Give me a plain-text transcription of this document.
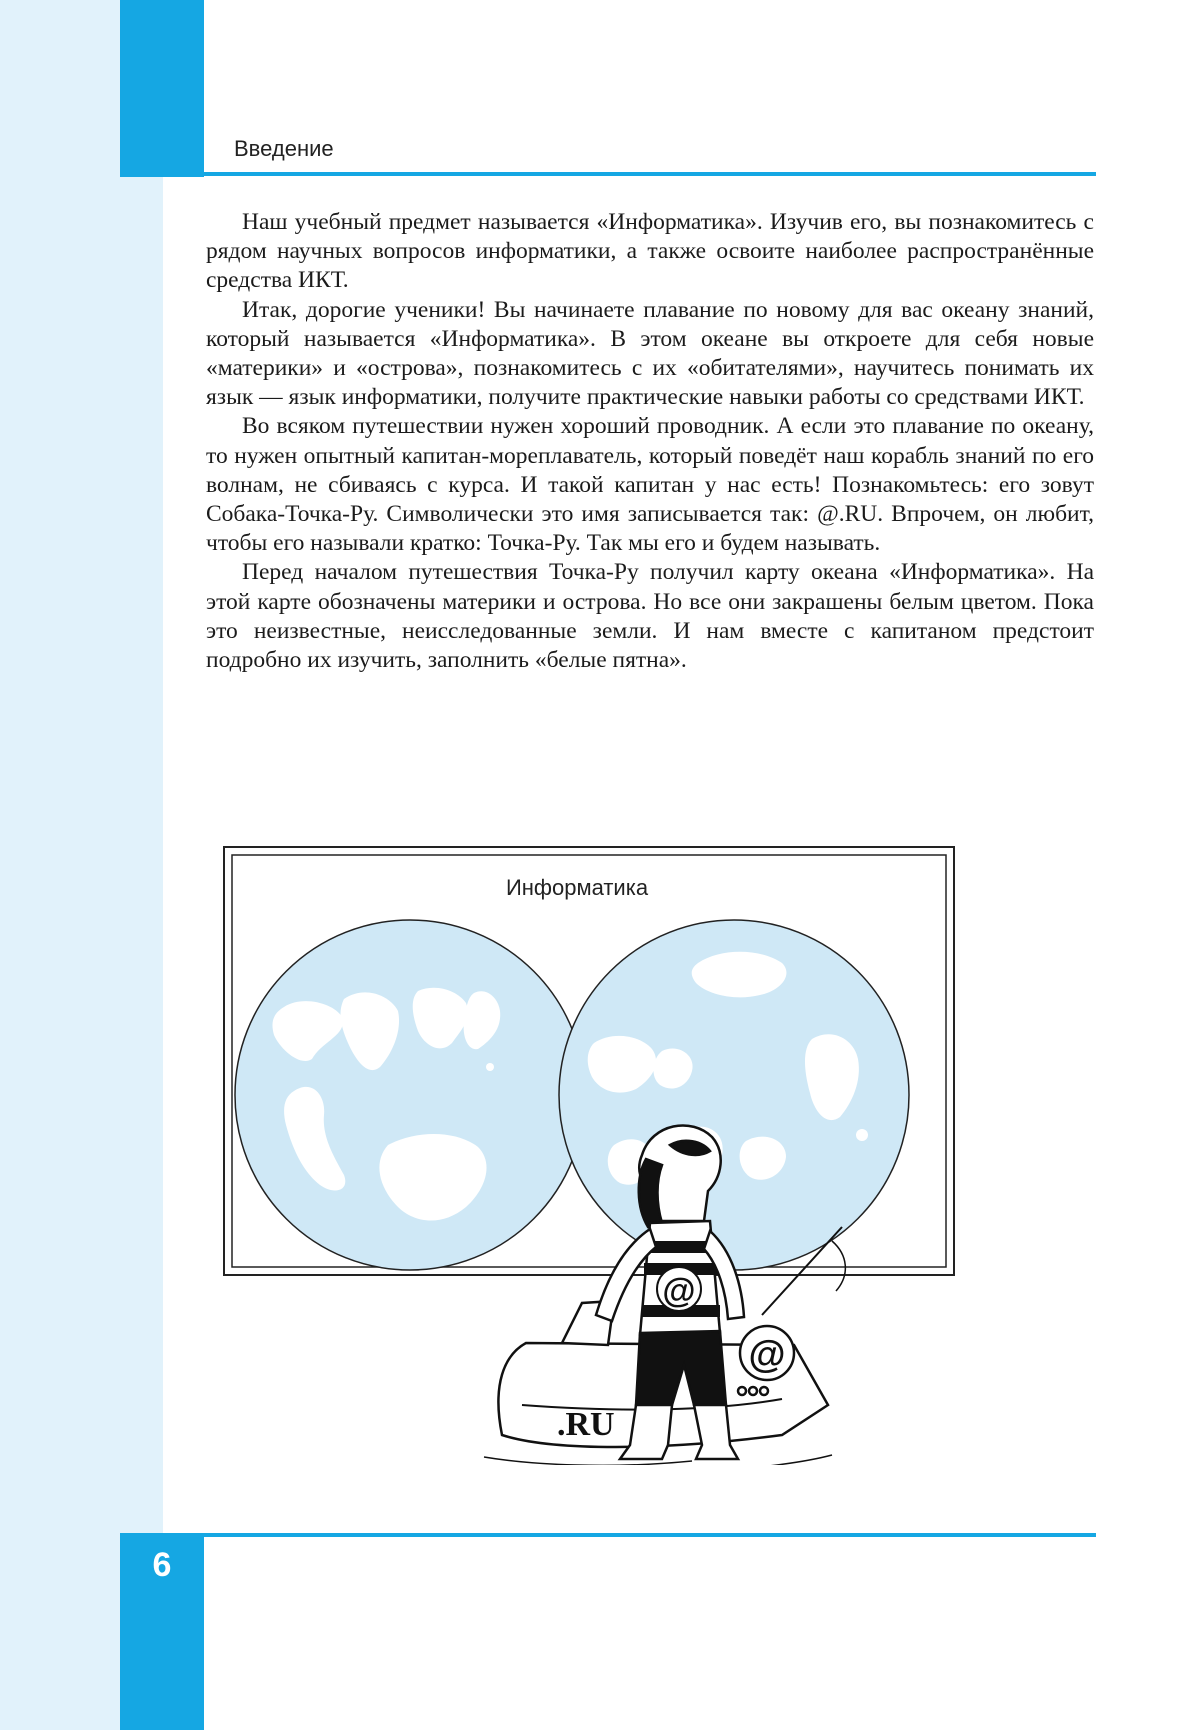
Введение

Наш учебный предмет называется «Информатика». Изучив его, вы познакомитесь с рядом научных вопросов информатики, а также освоите наиболее распространённые средства ИКТ.

Итак, дорогие ученики! Вы начинаете плавание по новому для вас океану знаний, который называется «Информатика». В этом океане вы откроете для себя новые «материки» и «острова», познакомитесь с их «обитателями», научитесь понимать их язык — язык информатики, получите практические навыки работы со средствами ИКТ.

Во всяком путешествии нужен хороший проводник. А если это плавание по океану, то нужен опытный капитан-мореплаватель, который поведёт наш корабль знаний по его волнам, не сбиваясь с курса. И такой капитан у нас есть! Познакомьтесь: его зовут Собака-Точка-Ру. Символически это имя записывается так: @.RU. Впрочем, он любит, чтобы его называли кратко: Точка-Ру. Так мы его и будем называть.

Перед началом путешествия Точка-Ру получил карту океана «Информатика». На этой карте обозначены материки и острова. Но все они закрашены белым цветом. Пока это неизвестные, неисследованные земли. И нам вместе с капитаном предстоит подробно их изучить, заполнить «белые пятна».

Информатика
.RU
@
@
6
